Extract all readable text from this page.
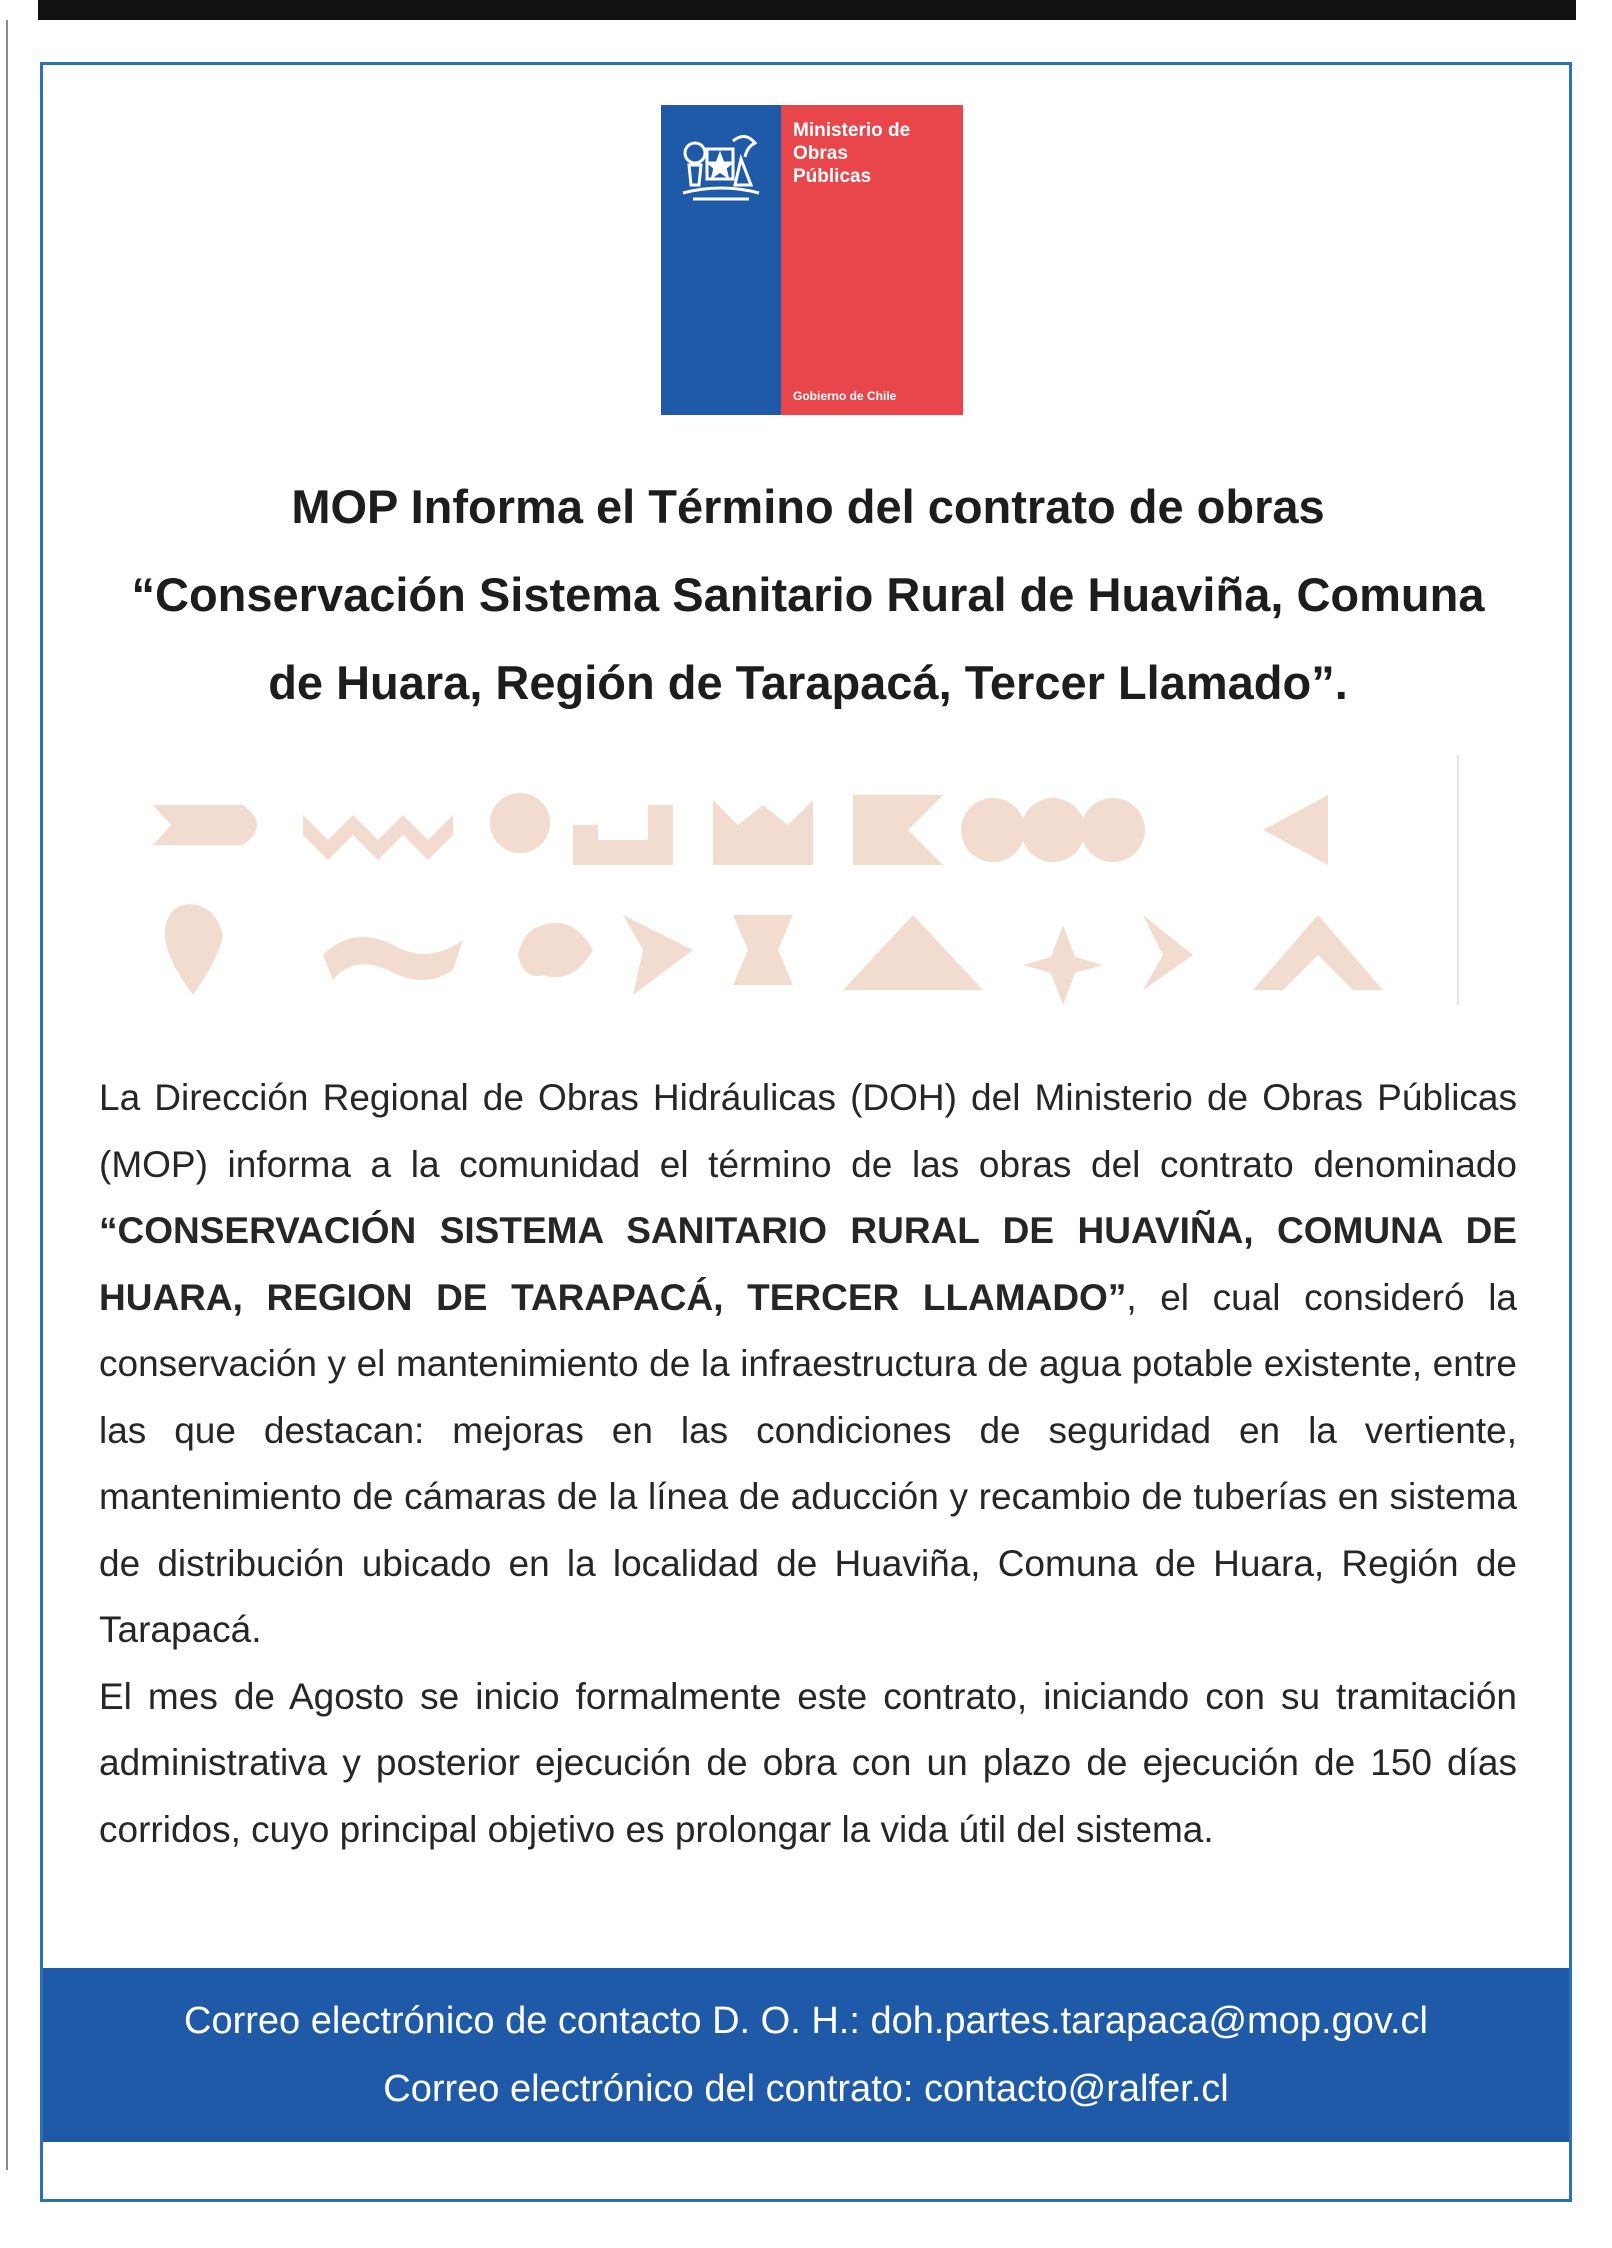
Ministerio de
Obras
Públicas
Gobierno de Chile
MOP Informa el Término del contrato de obras
“Conservación Sistema Sanitario Rural de Huaviña, Comuna
de Huara, Región de Tarapacá, Tercer Llamado”.

La Dirección Regional de Obras Hidráulicas (DOH) del Ministerio de Obras Públicas (MOP) informa a la comunidad el término de las obras del contrato denominado “CONSERVACIÓN SISTEMA SANITARIO RURAL DE HUAVIÑA, COMUNA DE HUARA, REGION DE TARAPACÁ, TERCER LLAMADO”, el cual consideró la conservación y el mantenimiento de la infraestructura de agua potable existente, entre las que destacan: mejoras en las condiciones de seguridad en la vertiente, mantenimiento de cámaras de la línea de aducción y recambio de tuberías en sistema de distribución ubicado en la localidad de Huaviña, Comuna de Huara, Región de Tarapacá.

El mes de Agosto se inicio formalmente este contrato, iniciando con su tramitación administrativa y posterior ejecución de obra con un plazo de ejecución de 150 días corridos, cuyo principal objetivo es prolongar la vida útil del sistema.

Correo electrónico de contacto D. O. H.: doh.partes.tarapaca@mop.gov.cl
Correo electrónico del contrato: contacto@ralfer.cl
